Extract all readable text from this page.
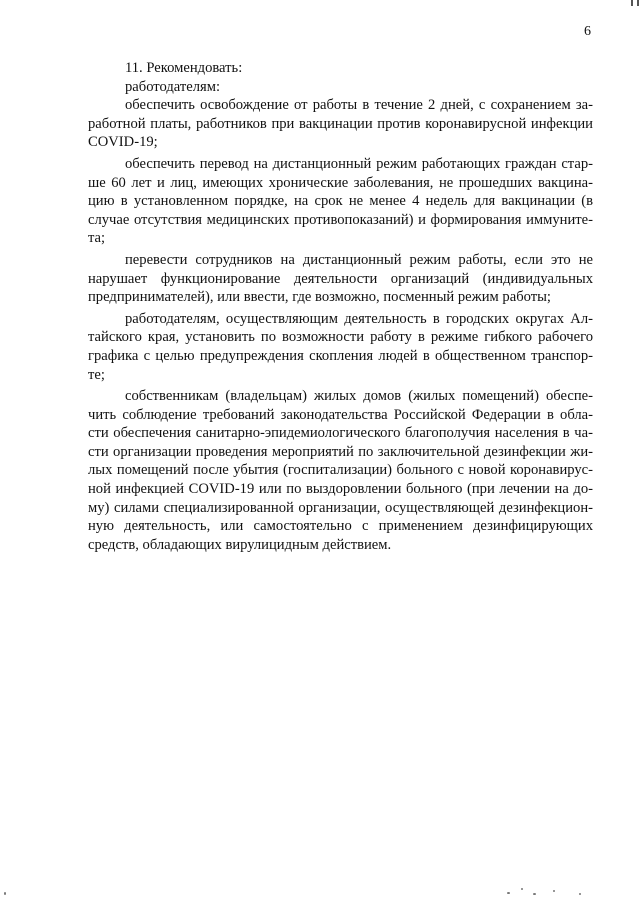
6
11. Рекомендовать:
работодателям:
обеспечить освобождение от работы в течение 2 дней, с сохранением за-
работной платы, работников при вакцинации против коронавирусной инфекции
COVID-19;
обеспечить перевод на дистанционный режим работающих граждан стар-
ше 60 лет и лиц, имеющих хронические заболевания, не прошедших вакцина-
цию в установленном порядке, на срок не менее 4 недель для вакцинации (в
случае отсутствия медицинских противопоказаний) и формирования иммуните-
та;
перевести сотрудников на дистанционный режим работы, если это не
нарушает функционирование деятельности организаций (индивидуальных
предпринимателей), или ввести, где возможно, посменный режим работы;
работодателям, осуществляющим деятельность в городских округах Ал-
тайского края, установить по возможности работу в режиме гибкого рабочего
графика с целью предупреждения скопления людей в общественном транспор-
те;
собственникам (владельцам) жилых домов (жилых помещений) обеспе-
чить соблюдение требований законодательства Российской Федерации в обла-
сти обеспечения санитарно-эпидемиологического благополучия населения в ча-
сти организации проведения мероприятий по заключительной дезинфекции жи-
лых помещений после убытия (госпитализации) больного с новой коронавирус-
ной инфекцией COVID-19 или по выздоровлении больного (при лечении на до-
му) силами специализированной организации, осуществляющей дезинфекцион-
ную деятельность, или самостоятельно с применением дезинфицирующих
средств, обладающих вирулицидным действием.
